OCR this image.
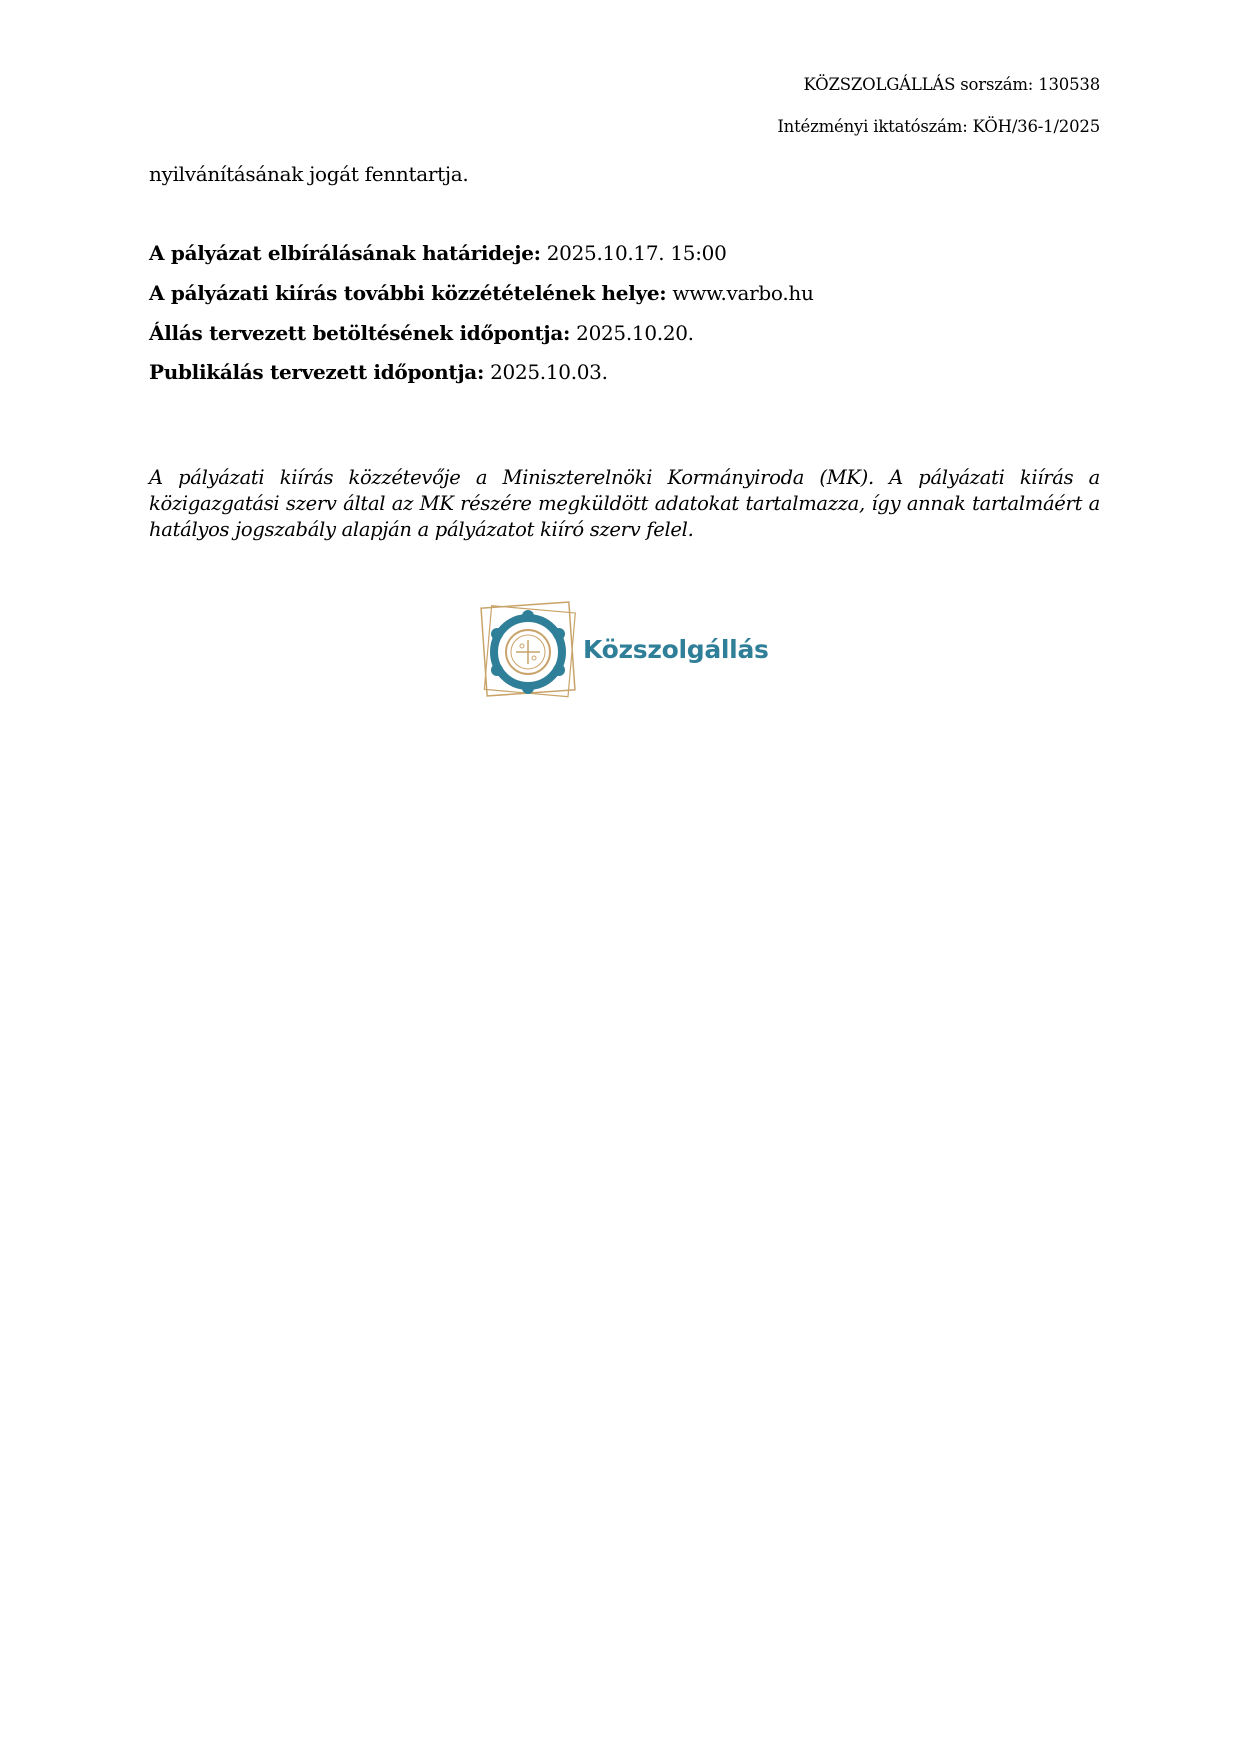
KÖZSZOLGÁLLÁS sorszám: 130538
Intézményi iktatószám: KÖH/36-1/2025
nyilvánításának jogát fenntartja.
A pályázat elbírálásának határideje: 2025.10.17. 15:00
A pályázati kiírás további közzétételének helye: www.varbo.hu
Állás tervezett betöltésének időpontja: 2025.10.20.
Publikálás tervezett időpontja: 2025.10.03.
A pályázati kiírás közzétevője a Miniszterelnöki Kormányiroda (MK). A pályázati kiírás a közigazgatási szerv által az MK részére megküldött adatokat tartalmazza, így annak tartalmáért a hatályos jogszabály alapján a pályázatot kiíró szerv felel.
Közszolgállás
